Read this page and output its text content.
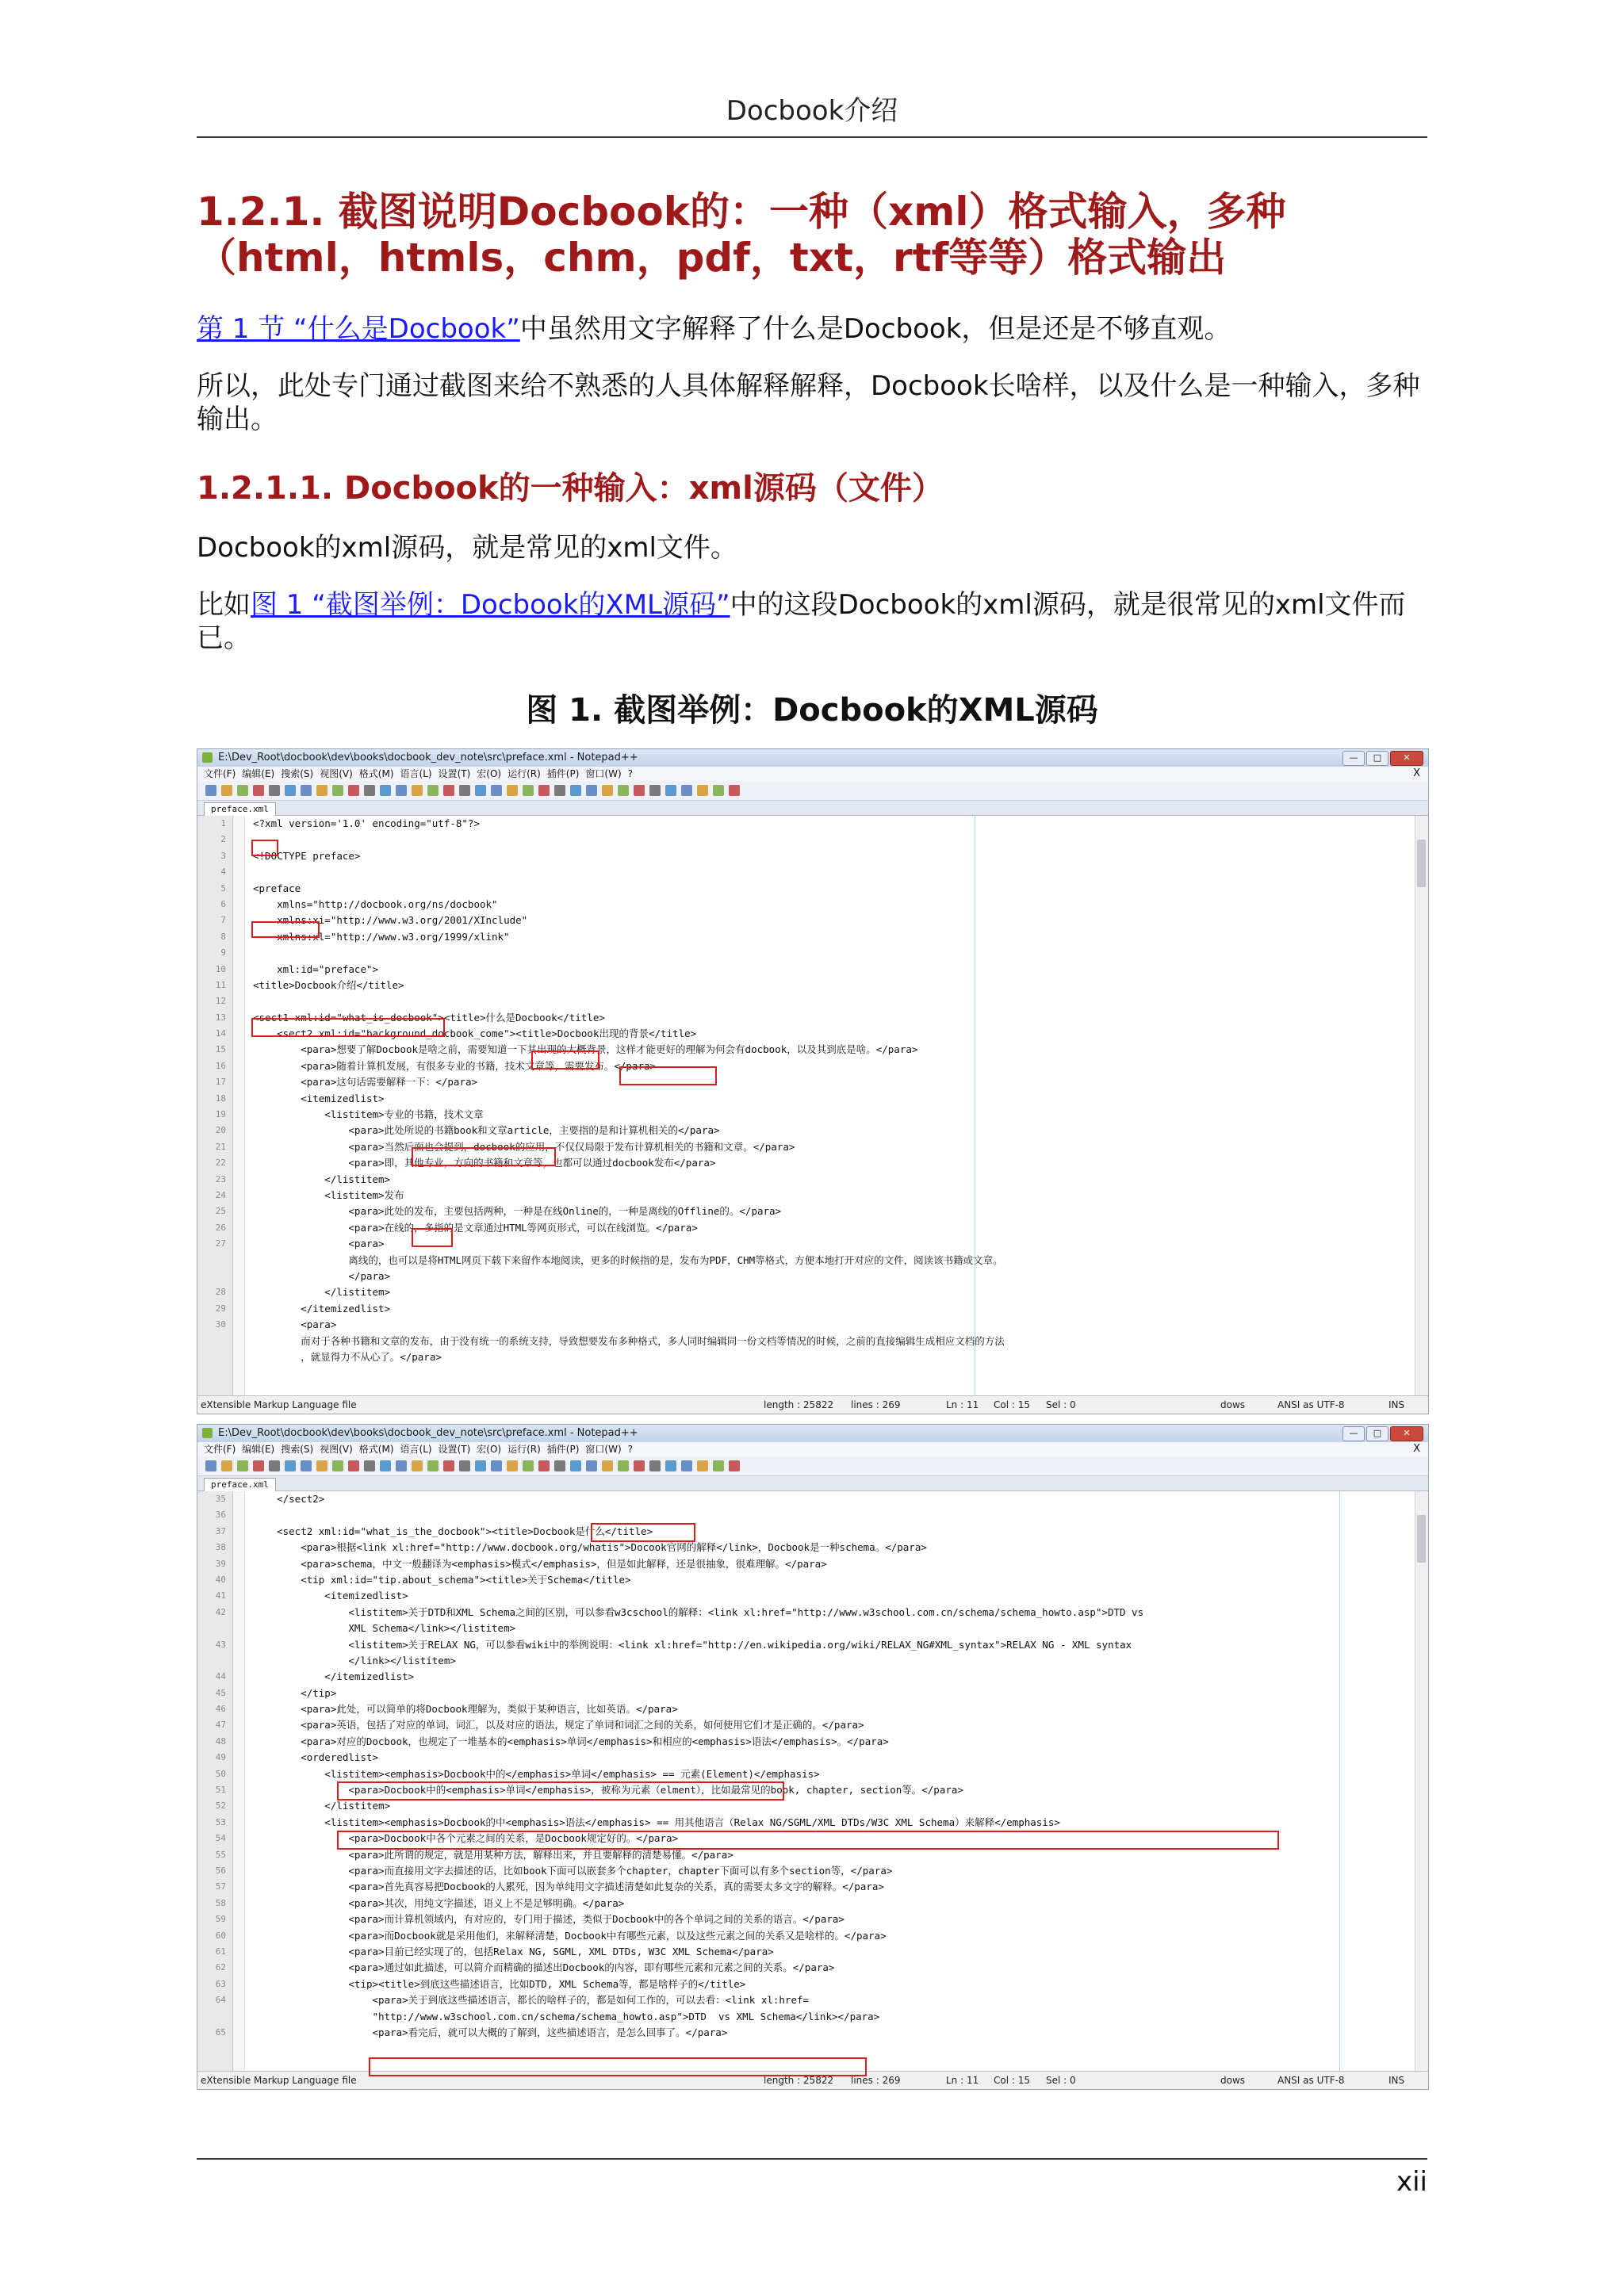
Docbook介绍
1.2.1. 截图说明Docbook的：一种（xml）格式输入，多种
（html，htmls，chm，pdf，txt，rtf等等）格式输出
第 1 节 “什么是Docbook”中虽然用文字解释了什么是Docbook，但是还是不够直观。
所以，此处专门通过截图来给不熟悉的人具体解释解释，Docbook长啥样，以及什么是一种输入，多种输出。
1.2.1.1. Docbook的一种输入：xml源码（文件）
Docbook的xml源码，就是常见的xml文件。
比如图 1 “截图举例：Docbook的XML源码”中的这段Docbook的xml源码，就是很常见的xml文件而已。
图 1. 截图举例：Docbook的XML源码
E:\Dev_Root\docbook\dev\books\docbook_dev_note\src\preface.xml - Notepad++	—	□	✕
文件(F) 编辑(E) 搜索(S) 视图(V) 格式(M) 语言(L) 设置(T) 宏(O) 运行(R) 插件(P) 窗口(W) ?	X
preface.xml
1	<?xml version='1.0' encoding="utf-8"?>
2
3	<!DOCTYPE preface>
4
5	<preface
6	xmlns="http://docbook.org/ns/docbook"
7	xmlns:xi="http://www.w3.org/2001/XInclude"
8	xmlns:xl="http://www.w3.org/1999/xlink"
9
10	xml:id="preface">
11	<title>Docbook介绍</title>
12
13	<sect1 xml:id="what_is_docbook"><title>什么是Docbook</title>
14	<sect2 xml:id="background_docbook_come"><title>Docbook出现的背景</title>
15	<para>想要了解Docbook是啥之前，需要知道一下其出现的大概背景，这样才能更好的理解为何会有docbook，以及其到底是啥。</para>
16	<para>随着计算机发展，有很多专业的书籍，技术文章等，需要发布。</para>
17	<para>这句话需要解释一下：</para>
18	<itemizedlist>
19	<listitem>专业的书籍，技术文章
20	<para>此处所说的书籍book和文章article，主要指的是和计算机相关的</para>
21	<para>当然后面也会提到，docbook的应用，不仅仅局限于发布计算机相关的书籍和文章。</para>
22	<para>即，其他专业，方向的书籍和文章等，也都可以通过docbook发布</para>
23	</listitem>
24	<listitem>发布
25	<para>此处的发布，主要包括两种，一种是在线Online的，一种是离线的Offline的。</para>
26	<para>在线的，多指的是文章通过HTML等网页形式，可以在线浏览。</para>
27	<para>
离线的，也可以是将HTML网页下载下来留作本地阅读，更多的时候指的是，发布为PDF，CHM等格式，方便本地打开对应的文件，阅读该书籍或文章。
</para>
28	</listitem>
29	</itemizedlist>
30	<para>
而对于各种书籍和文章的发布，由于没有统一的系统支持，导致想要发布多种格式，多人同时编辑同一份文档等情况的时候，之前的直接编辑生成相应文档的方法
，就显得力不从心了。</para>
eXtensible Markup Language file	length : 25822 lines : 269	Ln : 11 Col : 15 Sel : 0	dows	ANSI as UTF-8	INS
E:\Dev_Root\docbook\dev\books\docbook_dev_note\src\preface.xml - Notepad++	—	□	✕
文件(F) 编辑(E) 搜索(S) 视图(V) 格式(M) 语言(L) 设置(T) 宏(O) 运行(R) 插件(P) 窗口(W) ?	X
preface.xml
35	</sect2>
36
37	<sect2 xml:id="what_is_the_docbook"><title>Docbook是什么</title>
38	<para>根据<link xl:href="http://www.docbook.org/whatis">Docook官网的解释</link>，Docbook是一种schema。</para>
39	<para>schema，中文一般翻译为<emphasis>模式</emphasis>，但是如此解释，还是很抽象，很难理解。</para>
40	<tip xml:id="tip.about_schema"><title>关于Schema</title>
41	<itemizedlist>
42	<listitem>关于DTD和XML Schema之间的区别，可以参看w3cschool的解释：<link xl:href="http://www.w3school.com.cn/schema/schema_howto.asp">DTD vs
XML Schema</link></listitem>
43	<listitem>关于RELAX NG，可以参看wiki中的举例说明：<link xl:href="http://en.wikipedia.org/wiki/RELAX_NG#XML_syntax">RELAX NG - XML syntax
</link></listitem>
44	</itemizedlist>
45	</tip>
46	<para>此处，可以简单的将Docbook理解为，类似于某种语言，比如英语。</para>
47	<para>英语，包括了对应的单词，词汇，以及对应的语法，规定了单词和词汇之间的关系，如何使用它们才是正确的。</para>
48	<para>对应的Docbook，也规定了一堆基本的<emphasis>单词</emphasis>和相应的<emphasis>语法</emphasis>。</para>
49	<orderedlist>
50	<listitem><emphasis>Docbook中的</emphasis>单词</emphasis> == 元素(Element)</emphasis>
51	<para>Docbook中的<emphasis>单词</emphasis>，被称为元素（elment），比如最常见的book, chapter, section等。</para>
52	</listitem>
53	<listitem><emphasis>Docbook的中<emphasis>语法</emphasis> == 用其他语言（Relax NG/SGML/XML DTDs/W3C XML Schema）来解释</emphasis>
54	<para>Docbook中各个元素之间的关系，是Docbook规定好的。</para>
55	<para>此所谓的规定，就是用某种方法，解释出来，并且要解释的清楚易懂。</para>
56	<para>而直接用文字去描述的话，比如book下面可以嵌套多个chapter，chapter下面可以有多个section等，</para>
57	<para>首先真容易把Docbook的人累死，因为单纯用文字描述清楚如此复杂的关系，真的需要太多文字的解释。</para>
58	<para>其次，用纯文字描述，语义上不是足够明确。</para>
59	<para>而计算机领域内，有对应的，专门用于描述，类似于Docbook中的各个单词之间的关系的语言。</para>
60	<para>而Docbook就是采用他们，来解释清楚，Docbook中有哪些元素，以及这些元素之间的关系又是啥样的。</para>
61	<para>目前已经实现了的，包括Relax NG, SGML, XML DTDs, W3C XML Schema</para>
62	<para>通过如此描述，可以简介而精确的描述出Docbook的内容，即有哪些元素和元素之间的关系。</para>
63	<tip><title>到底这些描述语言，比如DTD, XML Schema等，都是啥样子的</title>
64	<para>关于到底这些描述语言，都长的啥样子的，都是如何工作的，可以去看：<link xl:href=
"http://www.w3school.com.cn/schema/schema_howto.asp">DTD  vs XML Schema</link></para>
65	<para>看完后，就可以大概的了解到，这些描述语言，是怎么回事了。</para>
eXtensible Markup Language file	length : 25822 lines : 269	Ln : 11 Col : 15 Sel : 0	dows	ANSI as UTF-8	INS
xii
